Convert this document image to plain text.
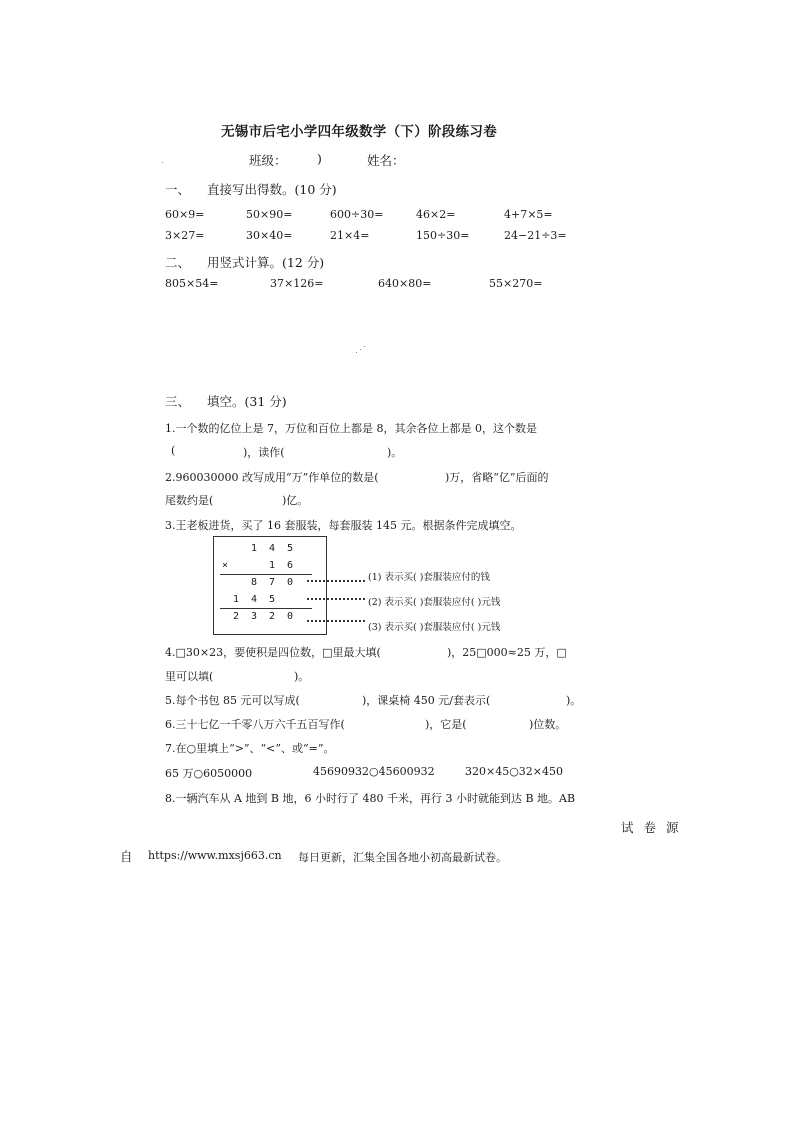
无锡市后宅小学四年级数学（下）阶段练习卷
班级： )	姓名：
一、 直接写出得数。(10 分)
60×9=	50×90=	600÷30=	46×2=	4+7×5=
3×27=	30×40=	21×4=	150÷30=	24−21÷3=
二、 用竖式计算。(12 分)
805×54=	37×126=	640×80=	55×270=
三、 填空。(31 分)
1.一个数的亿位上是 7，万位和百位上都是 8，其余各位上都是 0，这个数是
(	)，读作(	)。
2.960030000 改写成用“万”作单位的数是(	)万，省略“亿”后面的
尾数约是(	)亿。
3.王老板进货，买了 16 套服装，每套服装 145 元。根据条件完成填空。
1 4 5
×	1 6
8 7 0
1 4 5
2 3 2 0
(1) 表示买( )套服装应付的钱
(2) 表示买( )套服装应付( )元钱
(3) 表示买( )套服装应付( )元钱
4.□30×23，要使积是四位数，□里最大填(	)，25□000≈25 万，□
里可以填(	)。
5.每个书包 85 元可以写成(	)，课桌椅 450 元/套表示(	)。
6.三十七亿一千零八万六千五百写作(	)，它是(	)位数。
7.在○里填上“>”、“<”、或“=”。
65 万○6050000	45690932○45600932	320×45○32×450
8.一辆汽车从 A 地到 B 地，6 小时行了 480 千米，再行 3 小时就能到达 B 地。AB
试 卷 源
自 https://www.mxsj663.cn 每日更新，汇集全国各地小初高最新试卷。
